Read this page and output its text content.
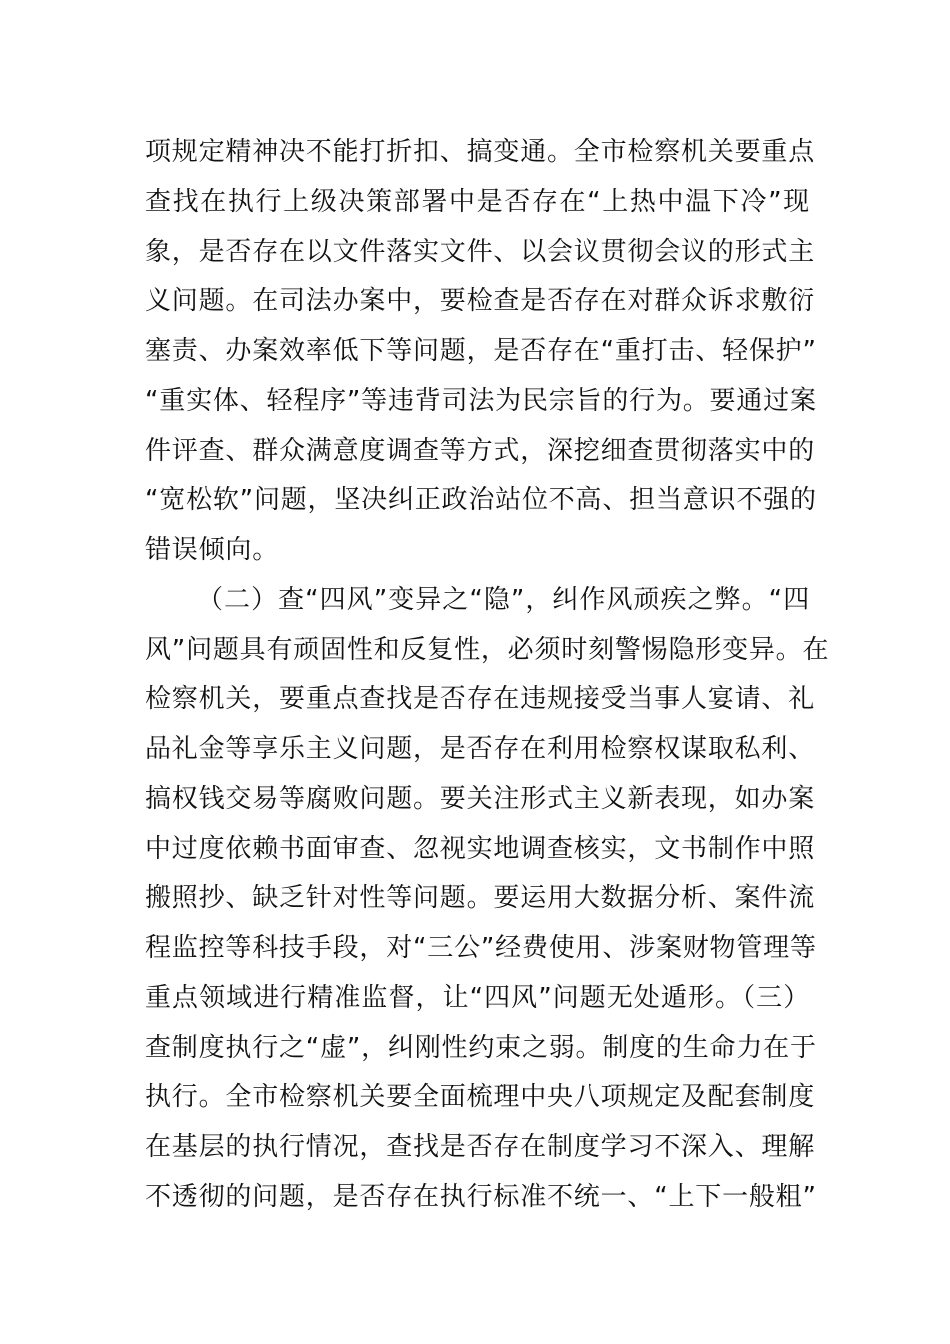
项规定精神决不能打折扣、搞变通。全市检察机关要重点
查找在执行上级决策部署中是否存在“上热中温下冷”现
象，是否存在以文件落实文件、以会议贯彻会议的形式主
义问题。在司法办案中，要检查是否存在对群众诉求敷衍
塞责、办案效率低下等问题，是否存在“重打击、轻保护”
“重实体、轻程序”等违背司法为民宗旨的行为。要通过案
件评查、群众满意度调查等方式，深挖细查贯彻落实中的
“宽松软”问题，坚决纠正政治站位不高、担当意识不强的
错误倾向。
（二）查“四风”变异之“隐”，纠作风顽疾之弊。“四
风”问题具有顽固性和反复性，必须时刻警惕隐形变异。在
检察机关，要重点查找是否存在违规接受当事人宴请、礼
品礼金等享乐主义问题，是否存在利用检察权谋取私利、
搞权钱交易等腐败问题。要关注形式主义新表现，如办案
中过度依赖书面审查、忽视实地调查核实，文书制作中照
搬照抄、缺乏针对性等问题。要运用大数据分析、案件流
程监控等科技手段，对“三公”经费使用、涉案财物管理等
重点领域进行精准监督，让“四风”问题无处遁形。（三）
查制度执行之“虚”，纠刚性约束之弱。制度的生命力在于
执行。全市检察机关要全面梳理中央八项规定及配套制度
在基层的执行情况，查找是否存在制度学习不深入、理解
不透彻的问题，是否存在执行标准不统一、“上下一般粗”
